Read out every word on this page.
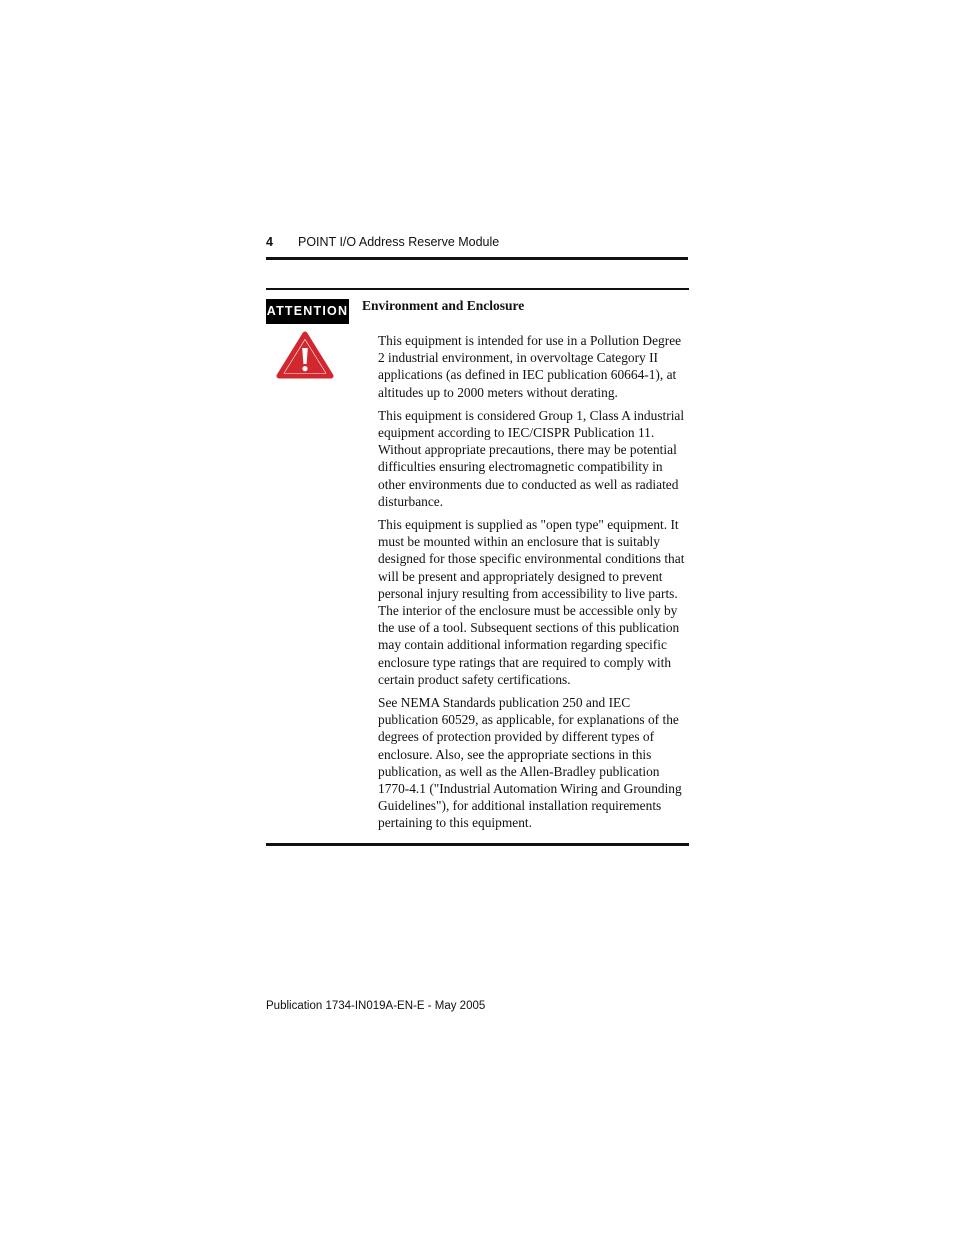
4 POINT I/O Address Reserve Module
ATTENTION Environment and Enclosure

This equipment is intended for use in a Pollution Degree
2 industrial environment, in overvoltage Category II
applications (as defined in IEC publication 60664-1), at
altitudes up to 2000 meters without derating.

This equipment is considered Group 1, Class A industrial
equipment according to IEC/CISPR Publication 11.
Without appropriate precautions, there may be potential
difficulties ensuring electromagnetic compatibility in
other environments due to conducted as well as radiated
disturbance.

This equipment is supplied as "open type" equipment. It
must be mounted within an enclosure that is suitably
designed for those specific environmental conditions that
will be present and appropriately designed to prevent
personal injury resulting from accessibility to live parts.
The interior of the enclosure must be accessible only by
the use of a tool. Subsequent sections of this publication
may contain additional information regarding specific
enclosure type ratings that are required to comply with
certain product safety certifications.

See NEMA Standards publication 250 and IEC
publication 60529, as applicable, for explanations of the
degrees of protection provided by different types of
enclosure. Also, see the appropriate sections in this
publication, as well as the Allen-Bradley publication
1770-4.1 ("Industrial Automation Wiring and Grounding
Guidelines"), for additional installation requirements
pertaining to this equipment.

Publication 1734-IN019A-EN-E - May 2005
